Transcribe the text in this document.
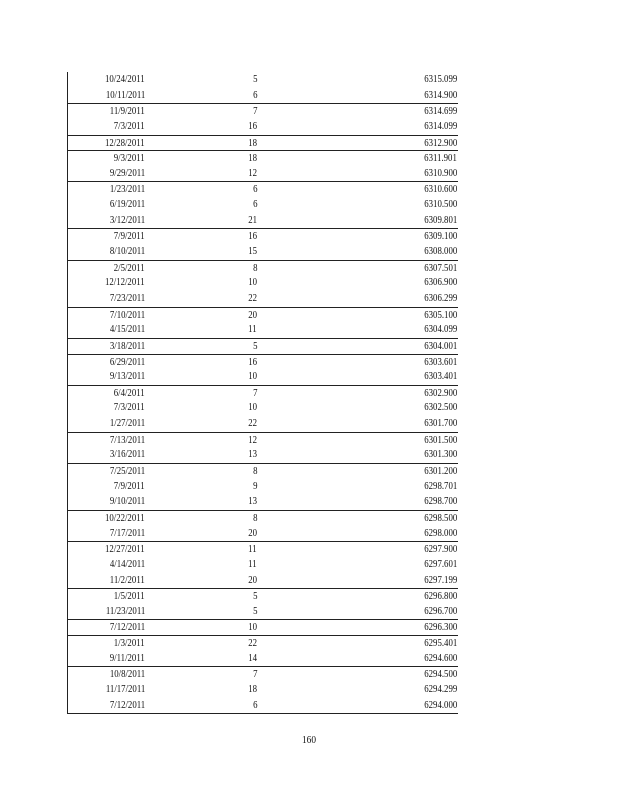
10/24/2011	5	6315.099
10/11/2011	6	6314.900
11/9/2011	7	6314.699
7/3/2011	16	6314.099
12/28/2011	18	6312.900
9/3/2011	18	6311.901
9/29/2011	12	6310.900
1/23/2011	6	6310.600
6/19/2011	6	6310.500
3/12/2011	21	6309.801
7/9/2011	16	6309.100
8/10/2011	15	6308.000
2/5/2011	8	6307.501
12/12/2011	10	6306.900
7/23/2011	22	6306.299
7/10/2011	20	6305.100
4/15/2011	11	6304.099
3/18/2011	5	6304.001
6/29/2011	16	6303.601
9/13/2011	10	6303.401
6/4/2011	7	6302.900
7/3/2011	10	6302.500
1/27/2011	22	6301.700
7/13/2011	12	6301.500
3/16/2011	13	6301.300
7/25/2011	8	6301.200
7/9/2011	9	6298.701
9/10/2011	13	6298.700
10/22/2011	8	6298.500
7/17/2011	20	6298.000
12/27/2011	11	6297.900
4/14/2011	11	6297.601
11/2/2011	20	6297.199
1/5/2011	5	6296.800
11/23/2011	5	6296.700
7/12/2011	10	6296.300
1/3/2011	22	6295.401
9/11/2011	14	6294.600
10/8/2011	7	6294.500
11/17/2011	18	6294.299
7/12/2011	6	6294.000
160
